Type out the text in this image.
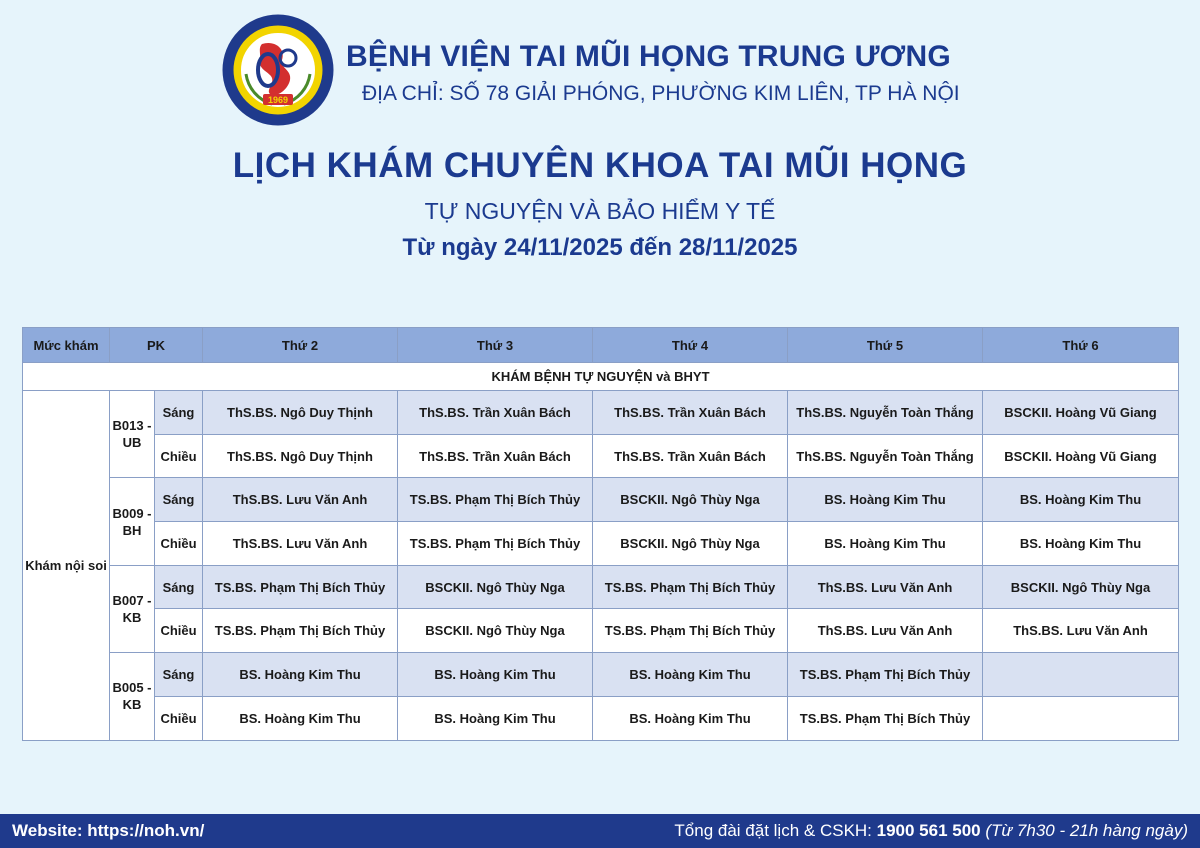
1969
BỆNH VIỆN TAI MŨI HỌNG TRUNG ƯƠNG
ĐỊA CHỈ: SỐ 78 GIẢI PHÓNG, PHƯỜNG KIM LIÊN, TP HÀ NỘI
LỊCH KHÁM CHUYÊN KHOA TAI MŨI HỌNG
TỰ NGUYỆN VÀ BẢO HIỂM Y TẾ
Từ ngày 24/11/2025 đến 28/11/2025
Mức khám	PK		Thứ 2	Thứ 3	Thứ 4	Thứ 5	Thứ 6
KHÁM BỆNH TỰ NGUYỆN và BHYT							
Khám nội soi	B013 - UB	Sáng	ThS.BS. Ngô Duy Thịnh	ThS.BS. Trần Xuân Bách	ThS.BS. Trần Xuân Bách	ThS.BS. Nguyễn Toàn Thắng	BSCKII. Hoàng Vũ Giang
		Chiều	ThS.BS. Ngô Duy Thịnh	ThS.BS. Trần Xuân Bách	ThS.BS. Trần Xuân Bách	ThS.BS. Nguyễn Toàn Thắng	BSCKII. Hoàng Vũ Giang
	B009 - BH	Sáng	ThS.BS. Lưu Văn Anh	TS.BS. Phạm Thị Bích Thủy	BSCKII. Ngô Thùy Nga	BS. Hoàng Kim Thu	BS. Hoàng Kim Thu
		Chiều	ThS.BS. Lưu Văn Anh	TS.BS. Phạm Thị Bích Thủy	BSCKII. Ngô Thùy Nga	BS. Hoàng Kim Thu	BS. Hoàng Kim Thu
	B007 - KB	Sáng	TS.BS. Phạm Thị Bích Thủy	BSCKII. Ngô Thùy Nga	TS.BS. Phạm Thị Bích Thủy	ThS.BS. Lưu Văn Anh	BSCKII. Ngô Thùy Nga
		Chiều	TS.BS. Phạm Thị Bích Thủy	BSCKII. Ngô Thùy Nga	TS.BS. Phạm Thị Bích Thủy	ThS.BS. Lưu Văn Anh	ThS.BS. Lưu Văn Anh
	B005 - KB	Sáng	BS. Hoàng Kim Thu	BS. Hoàng Kim Thu	BS. Hoàng Kim Thu	TS.BS. Phạm Thị Bích Thủy	
		Chiều	BS. Hoàng Kim Thu	BS. Hoàng Kim Thu	BS. Hoàng Kim Thu	TS.BS. Phạm Thị Bích Thủy	
Website: https://noh.vn/	Tổng đài đặt lịch & CSKH: 1900 561 500 (Từ 7h30 - 21h hàng ngày)
